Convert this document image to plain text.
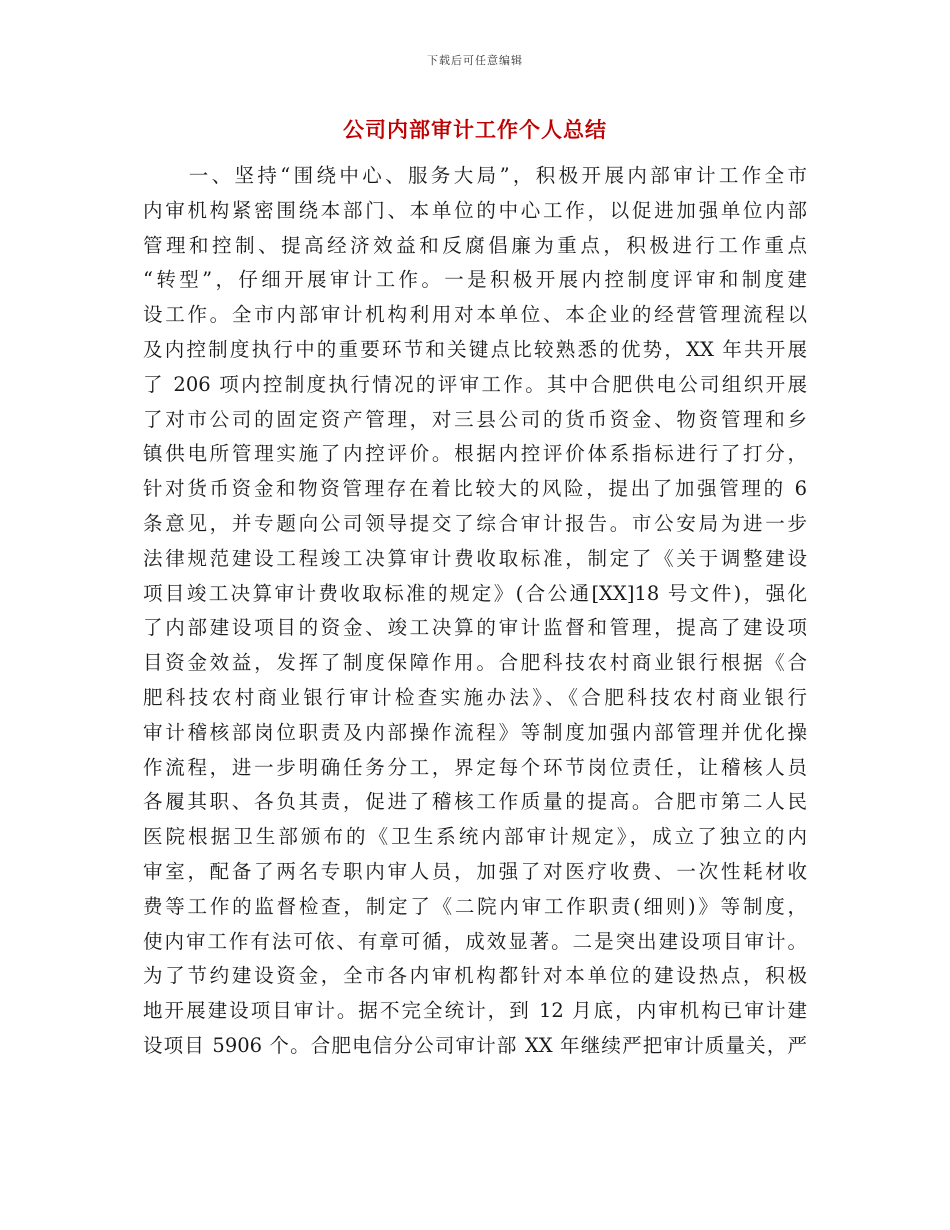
下载后可任意编辑
公司内部审计工作个人总结
　　一、坚持“围绕中心、服务大局”，积极开展内部审计工作全市
内审机构紧密围绕本部门、本单位的中心工作，以促进加强单位内部
管理和控制、提高经济效益和反腐倡廉为重点，积极进行工作重点
“转型”，仔细开展审计工作。一是积极开展内控制度评审和制度建
设工作。全市内部审计机构利用对本单位、本企业的经营管理流程以
及内控制度执行中的重要环节和关键点比较熟悉的优势，XX 年共开展
了 206 项内控制度执行情况的评审工作。其中合肥供电公司组织开展
了对市公司的固定资产管理，对三县公司的货币资金、物资管理和乡
镇供电所管理实施了内控评价。根据内控评价体系指标进行了打分，
针对货币资金和物资管理存在着比较大的风险，提出了加强管理的 6
条意见，并专题向公司领导提交了综合审计报告。市公安局为进一步
法律规范建设工程竣工决算审计费收取标准，制定了《关于调整建设
项目竣工决算审计费收取标准的规定》(合公通[XX]18 号文件)，强化
了内部建设项目的资金、竣工决算的审计监督和管理，提高了建设项
目资金效益，发挥了制度保障作用。合肥科技农村商业银行根据《合
肥科技农村商业银行审计检查实施办法》、《合肥科技农村商业银行
审计稽核部岗位职责及内部操作流程》等制度加强内部管理并优化操
作流程，进一步明确任务分工，界定每个环节岗位责任，让稽核人员
各履其职、各负其责，促进了稽核工作质量的提高。合肥市第二人民
医院根据卫生部颁布的《卫生系统内部审计规定》，成立了独立的内
审室，配备了两名专职内审人员，加强了对医疗收费、一次性耗材收
费等工作的监督检查，制定了《二院内审工作职责(细则)》等制度，
使内审工作有法可依、有章可循，成效显著。二是突出建设项目审计。
为了节约建设资金，全市各内审机构都针对本单位的建设热点，积极
地开展建设项目审计。据不完全统计，到 12 月底，内审机构已审计建
设项目 5906 个。合肥电信分公司审计部 XX 年继续严把审计质量关，严
